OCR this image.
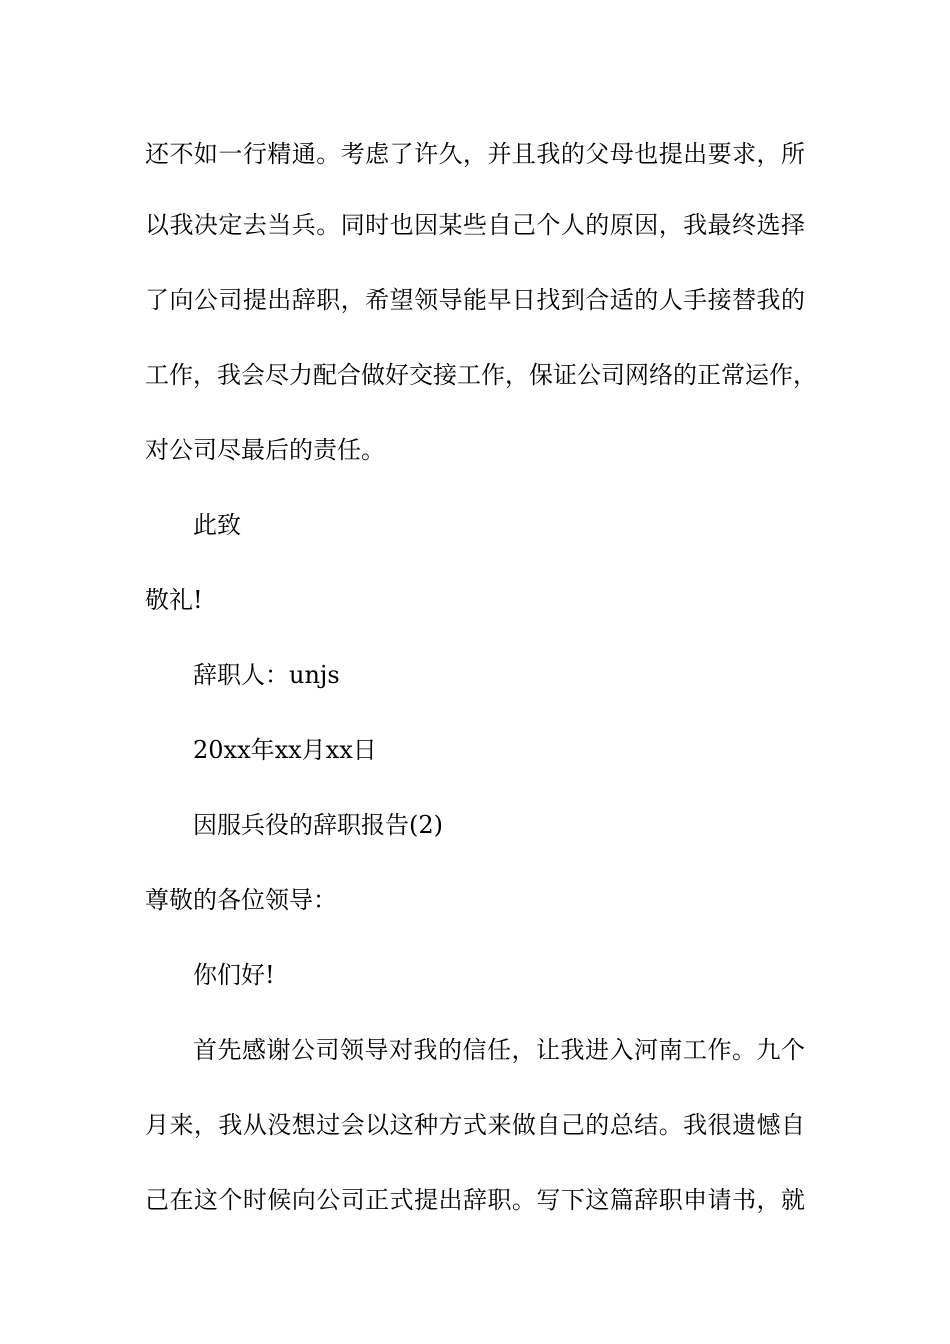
还不如一行精通。考虑了许久，并且我的父母也提出要求，所
以我决定去当兵。同时也因某些自己个人的原因，我最终选择
了向公司提出辞职，希望领导能早日找到合适的人手接替我的
工作，我会尽力配合做好交接工作，保证公司网络的正常运作，
对公司尽最后的责任。
此致
敬礼!
辞职人：unjs
20xx年xx月xx日
因服兵役的辞职报告(2)
尊敬的各位领导：
你们好!
首先感谢公司领导对我的信任，让我进入河南工作。九个
月来，我从没想过会以这种方式来做自己的总结。我很遗憾自
己在这个时候向公司正式提出辞职。写下这篇辞职申请书，就
